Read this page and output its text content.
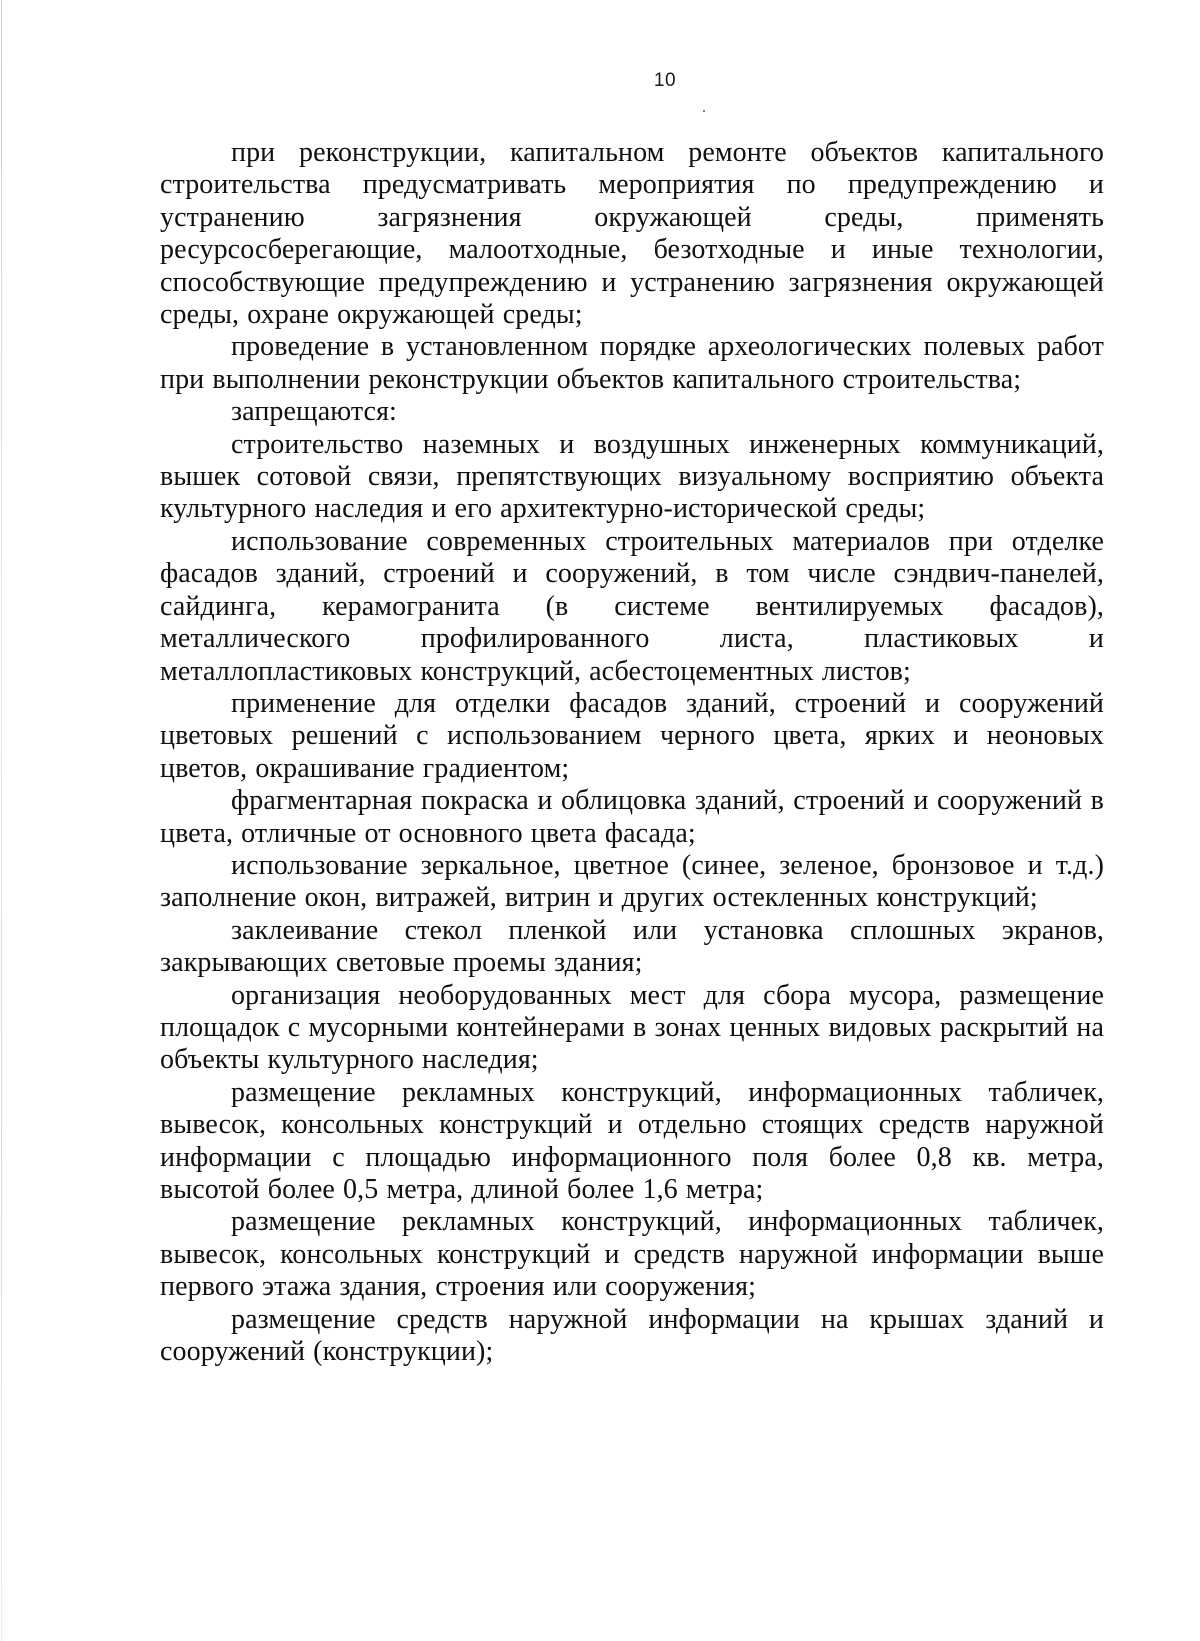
10

при реконструкции, капитальном ремонте объектов капитального строительства предусматривать мероприятия по предупреждению и устранению загрязнения окружающей среды, применять ресурсосберегающие, малоотходные, безотходные и иные технологии, способствующие предупреждению и устранению загрязнения окружающей среды, охране окружающей среды;

проведение в установленном порядке археологических полевых работ при выполнении реконструкции объектов капитального строительства;

запрещаются:

строительство наземных и воздушных инженерных коммуникаций, вышек сотовой связи, препятствующих визуальному восприятию объекта культурного наследия и его архитектурно-исторической среды;

использование современных строительных материалов при отделке фасадов зданий, строений и сооружений, в том числе сэндвич-панелей, сайдинга, керамогранита (в системе вентилируемых фасадов), металлического профилированного листа, пластиковых и металлопластиковых конструкций, асбестоцементных листов;

применение для отделки фасадов зданий, строений и сооружений цветовых решений с использованием черного цвета, ярких и неоновых цветов, окрашивание градиентом;

фрагментарная покраска и облицовка зданий, строений и сооружений в цвета, отличные от основного цвета фасада;

использование зеркальное, цветное (синее, зеленое, бронзовое и т.д.) заполнение окон, витражей, витрин и других остекленных конструкций;

заклеивание стекол пленкой или установка сплошных экранов, закрывающих световые проемы здания;

организация необорудованных мест для сбора мусора, размещение площадок с мусорными контейнерами в зонах ценных видовых раскрытий на объекты культурного наследия;

размещение рекламных конструкций, информационных табличек, вывесок, консольных конструкций и отдельно стоящих средств наружной информации с площадью информационного поля более 0,8 кв. метра, высотой более 0,5 метра, длиной более 1,6 метра;

размещение рекламных конструкций, информационных табличек, вывесок, консольных конструкций и средств наружной информации выше первого этажа здания, строения или сооружения;

размещение средств наружной информации на крышах зданий и сооружений (конструкции);
